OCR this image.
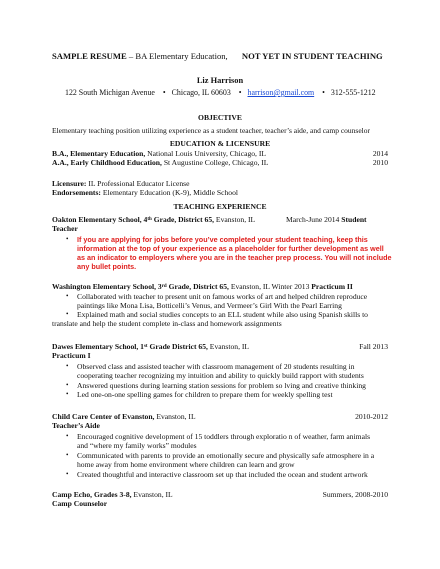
SAMPLE RESUME – BA Elementary Education, NOT YET IN STUDENT TEACHING
Liz Harrison
122 South Michigan Avenue • Chicago, IL 60603 • harrison@gmail.com • 312-555-1212
OBJECTIVE
Elementary teaching position utilizing experience as a student teacher, teacher’s aide, and camp counselor
EDUCATION & LICENSURE
B.A., Elementary Education, National Louis University, Chicago, IL	2014
A.A., Early Childhood Education, St Augustine College, Chicago, IL	2010
Licensure: IL Professional Educator License
Endorsements: Elementary Education (K-9), Middle School
TEACHING EXPERIENCE
Oakton Elementary School, 4th Grade, District 65, Evanston, IL	March-June 2014 Student
Teacher
• If you are applying for jobs before you’ve completed your student teaching, keep this
information at the top of your experience as a placeholder for further development as well
as an indicator to employers where you are in the teacher prep process. You will not include
any bullet points.
Washington Elementary School, 3rd Grade, District 65, Evanston, IL Winter 2013 Practicum II
• Collaborated with teacher to present unit on famous works of art and helped children reproduce
paintings like Mona Lisa, Botticelli’s Venus, and Vermeer’s Girl With the Pearl Earring
• Explained math and social studies concepts to an ELL student while also using Spanish skills to
translate and help the student complete in-class and homework assignments
Dawes Elementary School, 1st Grade District 65, Evanston, IL	Fall 2013
Practicum I
• Observed class and assisted teacher with classroom management of 20 students resulting in
cooperating teacher recognizing my intuition and ability to quickly build rapport with students
• Answered questions during learning station sessions for problem so lving and creative thinking
• Led one-on-one spelling games for children to prepare them for weekly spelling test
Child Care Center of Evanston, Evanston, IL	2010-2012
Teacher’s Aide
• Encouraged cognitive development of 15 toddlers through exploratio n of weather, farm animals
and “where my family works” modules
• Communicated with parents to provide an emotionally secure and physically safe atmosphere in a
home away from home environment where children can learn and grow
• Created thoughtful and interactive classroom set up that included the ocean and student artwork
Camp Echo, Grades 3-8, Evanston, IL	Summers, 2008-2010
Camp Counselor
